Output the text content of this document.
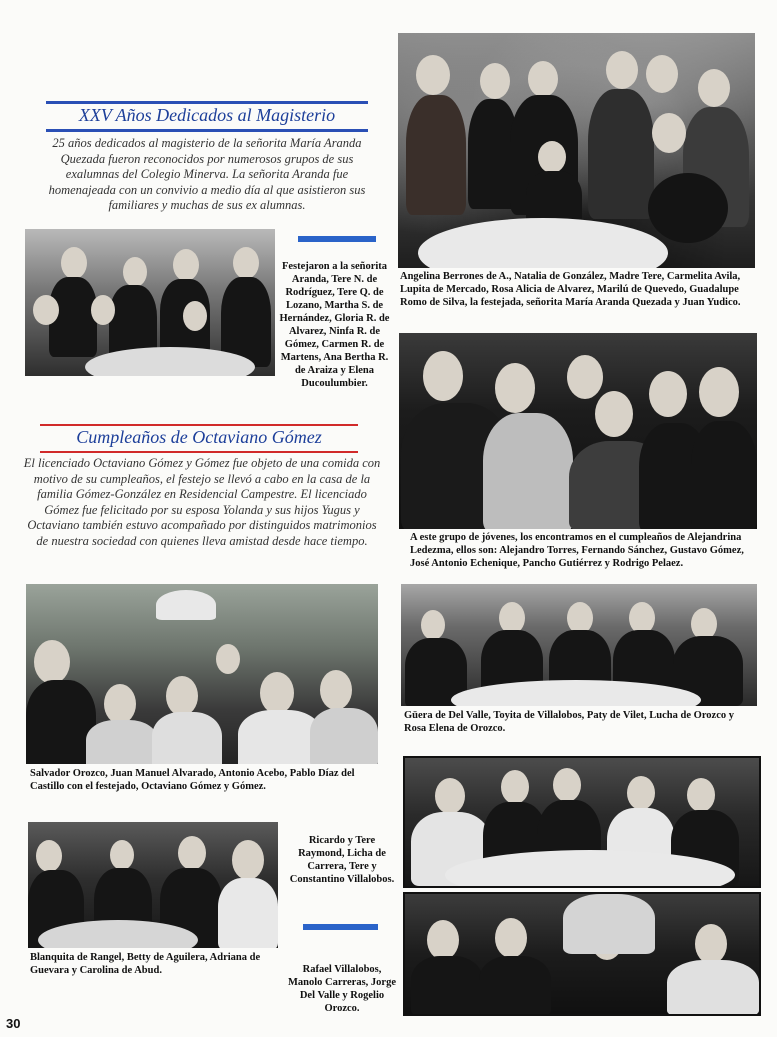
XXV Años Dedicados al Magisterio
25 años dedicados al magisterio de la señorita María Aranda Quezada fueron reconocidos por numerosos grupos de sus exalumnas del Colegio Minerva. La señorita Aranda fue homenajeada con un convivio a medio día al que asistieron sus familiares y muchas de sus ex alumnas.
Angelina Berrones de A., Natalia de González, Madre Tere, Carmelita Avila, Lupita de Mercado, Rosa Alicia de Alvarez, Marilú de Quevedo, Guadalupe Romo de Silva, la festejada, señorita María Aranda Quezada y Juan Yudico.
Festejaron a la señorita Aranda, Tere N. de Rodríguez, Tere Q. de Lozano, Martha S. de Hernández, Gloria R. de Alvarez, Ninfa R. de Gómez, Carmen R. de Martens, Ana Bertha R. de Araiza y Elena Ducoulumbier.
Cumpleaños de Octaviano Gómez
El licenciado Octaviano Gómez y Gómez fue objeto de una comida con motivo de su cumpleaños, el festejo se llevó a cabo en la casa de la familia Gómez-González en Residencial Campestre. El licenciado Gómez fue felicitado por su esposa Yolanda y sus hijos Yugus y Octaviano también estuvo acompañado por distinguidos matrimonios de nuestra sociedad con quienes lleva amistad desde hace tiempo.	A este grupo de jóvenes, los encontramos en el cumpleaños de Alejandrina Ledezma, ellos son: Alejandro Torres, Fernando Sánchez, Gustavo Gómez, José Antonio Echenique, Pancho Gutiérrez y Rodrigo Pelaez.
Salvador Orozco, Juan Manuel Alvarado, Antonio Acebo, Pablo Díaz del Castillo con el festejado, Octaviano Gómez y Gómez.
Güera de Del Valle, Toyita de Villalobos, Paty de Vilet, Lucha de Orozco y Rosa Elena de Orozco.
Ricardo y Tere Raymond, Licha de Carrera, Tere y Constantino Villalobos.
Blanquita de Rangel, Betty de Aguilera, Adriana de Guevara y Carolina de Abud.	Rafael Villalobos, Manolo Carreras, Jorge Del Valle y Rogelio Orozco.
30
